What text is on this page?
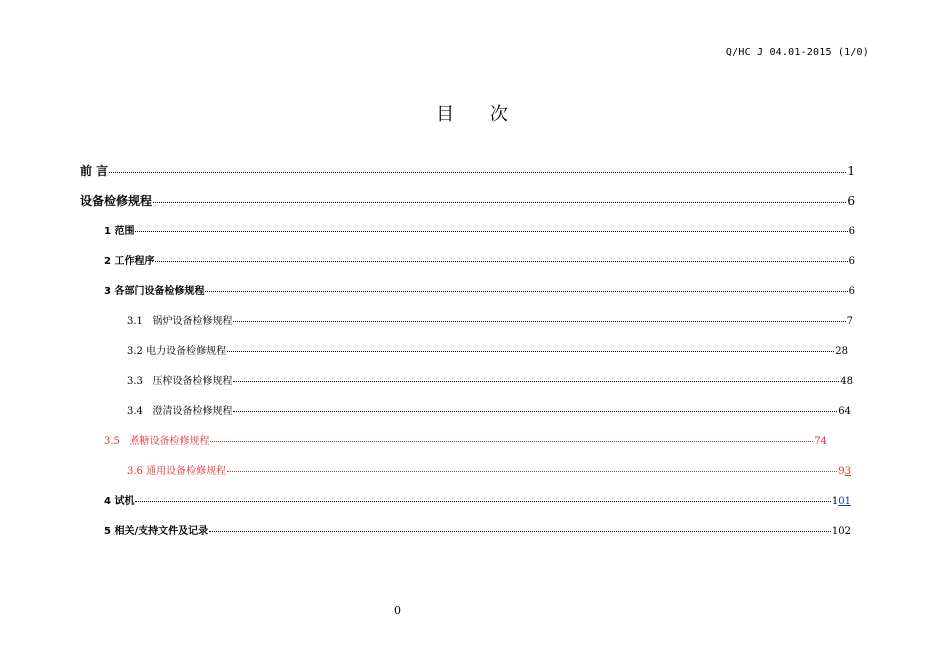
Q/HC J 04.01-2015 (1/0)
目 次
前 言	1
设备检修规程	6
1 范围	6
2 工作程序	6
3 各部门设备检修规程	6
3.1   锅炉设备检修规程	7
3.2 电力设备检修规程	28
3.3   压榨设备检修规程	48
3.4   澄清设备检修规程	64
3.5   煮糖设备检修规程	74
3.6 通用设备检修规程	93
4 试机	101
5 相关/支持文件及记录	102
0
